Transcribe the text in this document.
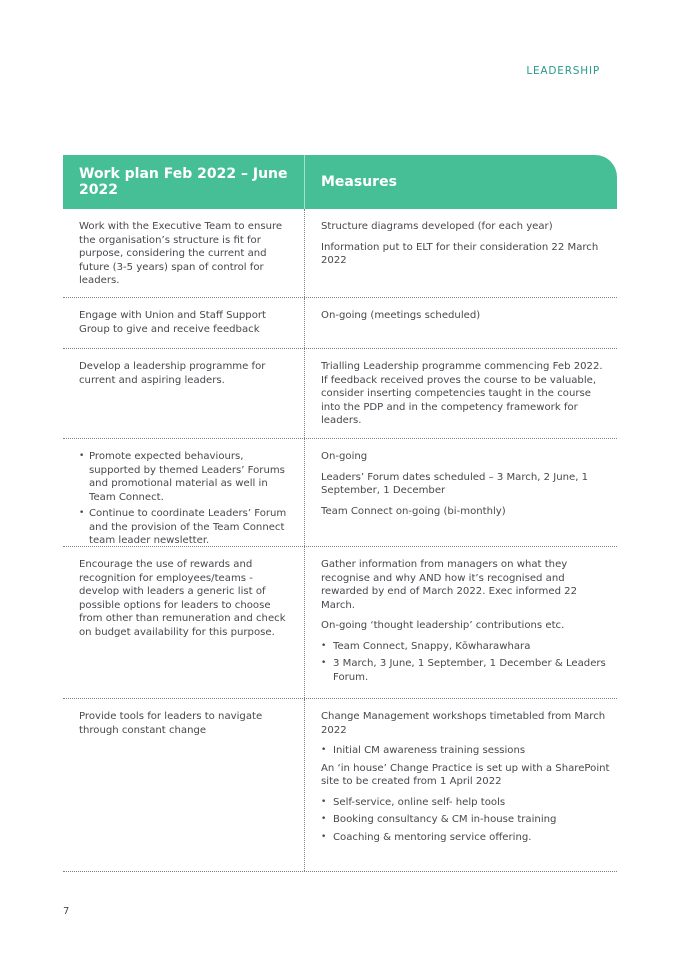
LEADERSHIP
Work plan Feb 2022 – June 2022	Measures

Work with the Executive Team to ensure the organisation’s structure is fit for purpose, considering the current and future (3-5 years) span of control for leaders.

Structure diagrams developed (for each year)

Information put to ELT for their consideration 22 March 2022

Engage with Union and Staff Support Group to give and receive feedback

On-going (meetings scheduled)

Develop a leadership programme for current and aspiring leaders.

Trialling Leadership programme commencing Feb 2022. If feedback received proves the course to be valuable, consider inserting competencies taught in the course into the PDP and in the competency framework for leaders.

• Promote expected behaviours, supported by themed Leaders’ Forums and promotional material as well in Team Connect.
• Continue to coordinate Leaders’ Forum and the provision of the Team Connect team leader newsletter.

On-going

Leaders’ Forum dates scheduled – 3 March, 2 June, 1 September, 1 December

Team Connect on-going (bi-monthly)

Encourage the use of rewards and recognition for employees/teams - develop with leaders a generic list of possible options for leaders to choose from other than remuneration and check on budget availability for this purpose.

Gather information from managers on what they recognise and why AND how it’s recognised and rewarded by end of March 2022. Exec informed 22 March.

On-going ‘thought leadership’ contributions etc.

• Team Connect, Snappy, Kōwharawhara
• 3 March, 3 June, 1 September, 1 December & Leaders Forum.

Provide tools for leaders to navigate through constant change

Change Management workshops timetabled from March 2022

• Initial CM awareness training sessions

An ‘in house’ Change Practice is set up with a SharePoint site to be created from 1 April 2022

• Self-service, online self- help tools
• Booking consultancy & CM in-house training
• Coaching & mentoring service offering.
7
